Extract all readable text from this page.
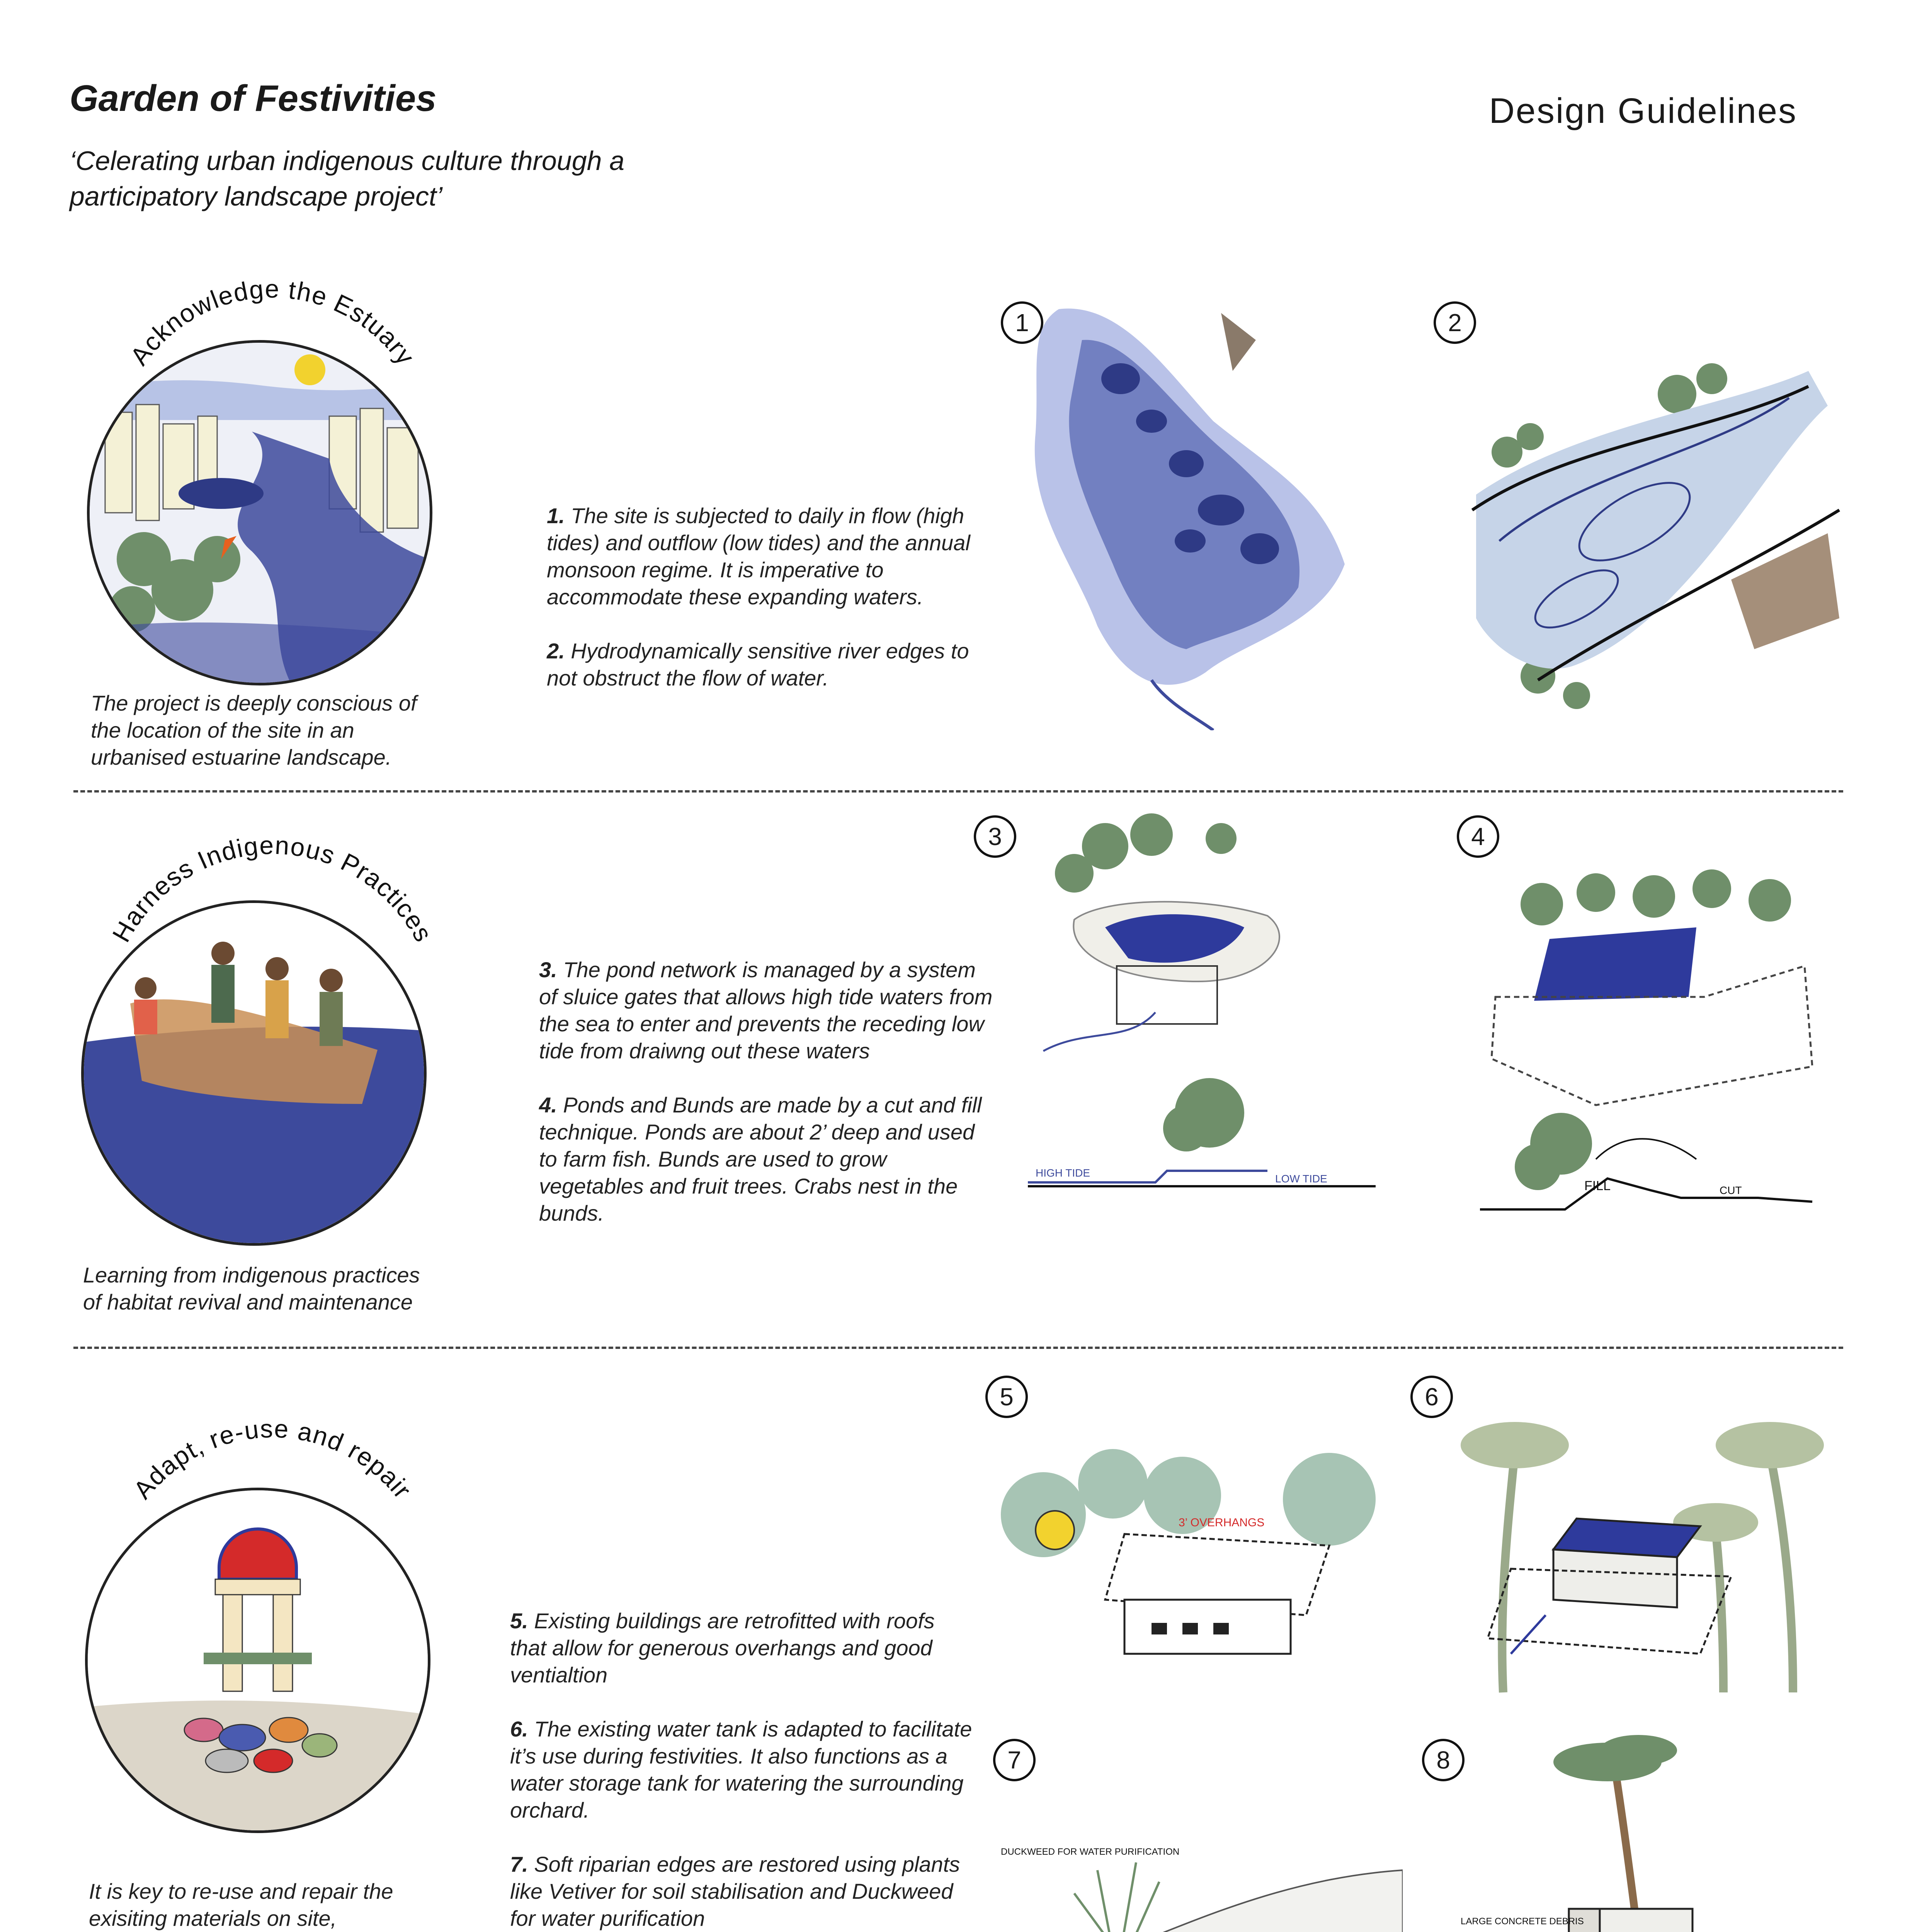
Garden of Festivities
‘Celerating urban indigenous culture through a participatory landscape project’
Design Guidelines
Acknowledge the Estuary
The project is deeply conscious of the location of the site in an urbanised estuarine landscape.
1. The site is subjected to daily in flow (high tides) and outflow (low tides) and the annual monsoon regime. It is imperative to accommodate these expanding waters.
2. Hydrodynamically sensitive river edges to not obstruct the flow of water.
1	2
Harness Indigenous Practices
Learning from indigenous practices of habitat revival and maintenance
3. The pond network is managed by a system of sluice gates that allows high tide waters from the sea to enter and prevents the receding low tide from draiwng out these waters
4. Ponds and Bunds are made by a cut and fill technique. Ponds are about 2’ deep and used to farm fish. Bunds are used to grow vegetables and fruit trees. Crabs nest in the bunds.
3
HIGH TIDE	LOW TIDE
4
FILL	CUT
Adapt, re-use and repair
It is key to re-use and repair the exisiting materials on site,
5. Existing buildings are retrofitted with roofs that allow for generous overhangs and good ventialtion
6. The existing water tank is adapted to facilitate it’s use during festivities. It also functions as a water storage tank for watering the surrounding orchard.
7. Soft riparian edges are restored using plants like Vetiver for soil stabilisation and Duckweed for water purification
5
3’ OVERHANGS
6
7
DUCKWEED FOR WATER PURIFICATION
8
LARGE CONCRETE DEBRIS
